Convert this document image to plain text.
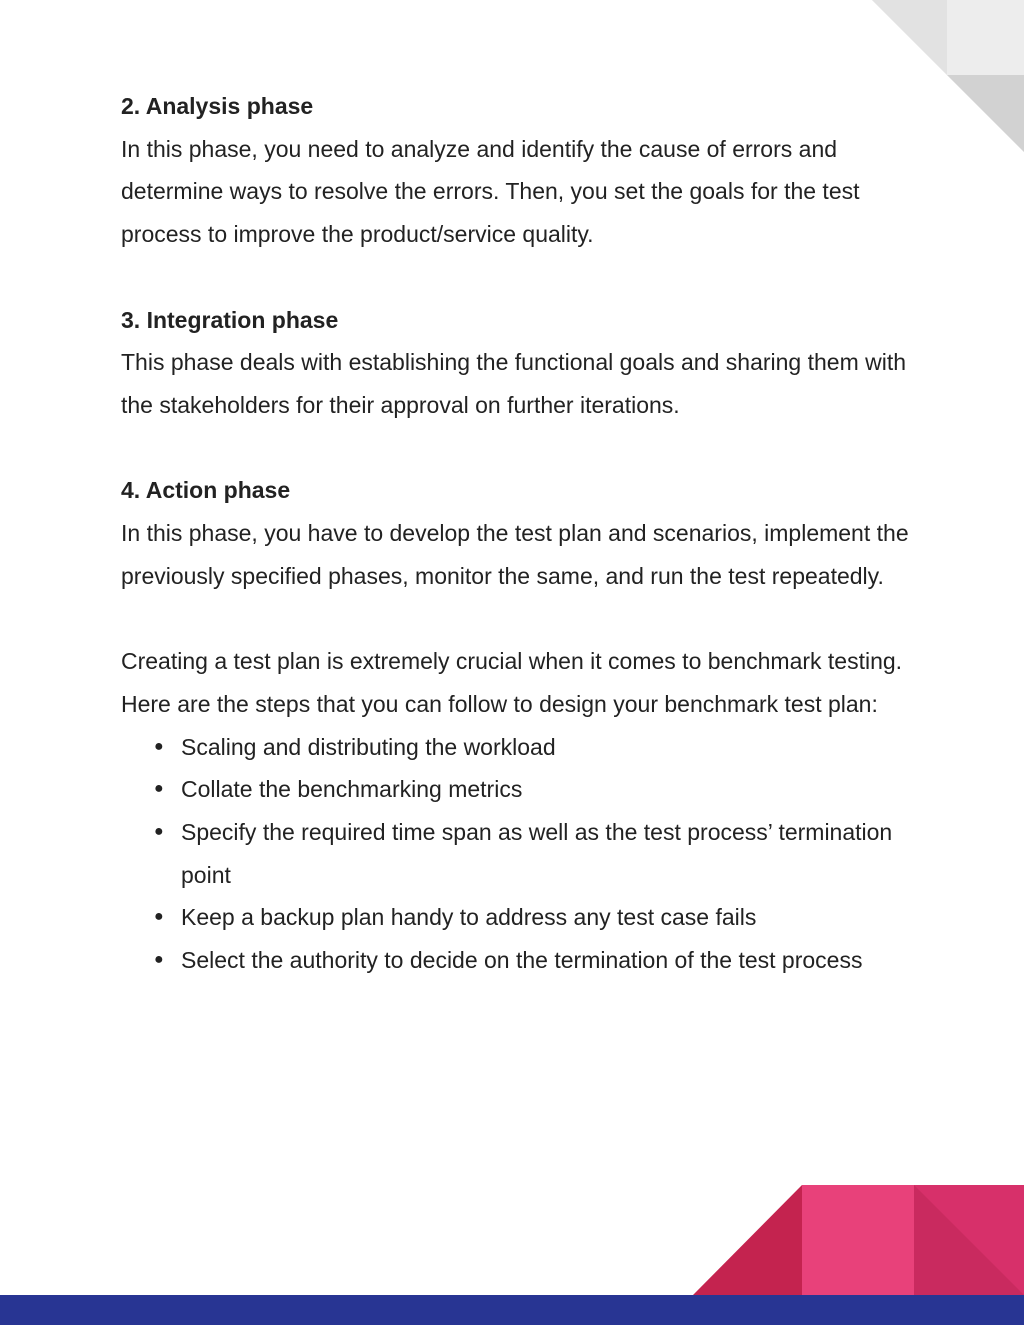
2. Analysis phase

In this phase, you need to analyze and identify the cause of errors and determine ways to resolve the errors. Then, you set the goals for the test process to improve the product/service quality.

3. Integration phase

This phase deals with establishing the functional goals and sharing them with the stakeholders for their approval on further iterations.

4. Action phase

In this phase, you have to develop the test plan and scenarios, implement the previously specified phases, monitor the same, and run the test repeatedly.

Creating a test plan is extremely crucial when it comes to benchmark testing. Here are the steps that you can follow to design your benchmark test plan:

● Scaling and distributing the workload
● Collate the benchmarking metrics
● Specify the required time span as well as the test process’ termination point
● Keep a backup plan handy to address any test case fails
● Select the authority to decide on the termination of the test process
